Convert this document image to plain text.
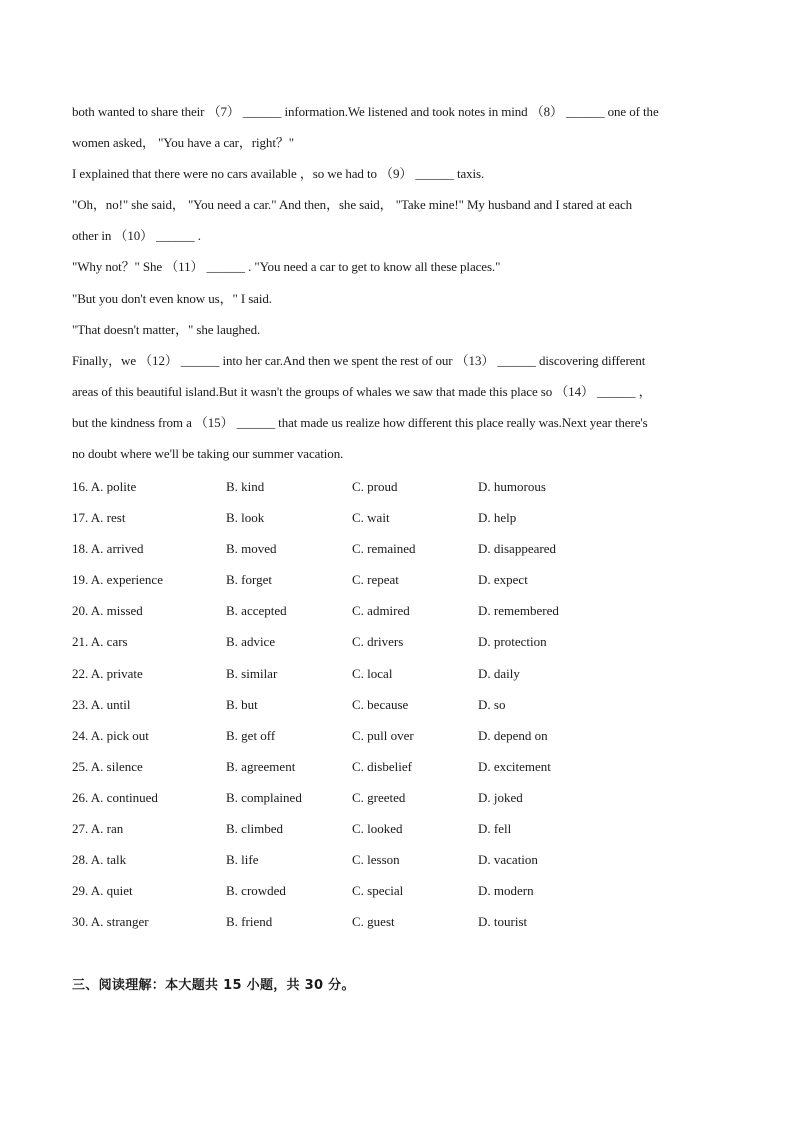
both wanted to share their （7） ______ information.We listened and took notes in mind （8） ______ one of the
women asked， "You have a car，right？"
I explained that there were no cars available ，so we had to （9） ______ taxis.
"Oh，no!" she said， "You need a car." And then，she said， "Take mine!" My husband and I stared at each
other in （10） ______ .
"Why not？" She （11） ______ . "You need a car to get to know all these places."
"But you don't even know us，" I said.
"That doesn't matter，" she laughed.
Finally，we （12） ______ into her car.And then we spent the rest of our （13） ______ discovering different
areas of this beautiful island.But it wasn't the groups of whales we saw that made this place so （14） ______ ，
but the kindness from a （15） ______ that made us realize how different this place really was.Next year there's
no doubt where we'll be taking our summer vacation.
16. A. polite	B. kind	C. proud	D. humorous
17. A. rest	B. look	C. wait	D. help
18. A. arrived	B. moved	C. remained	D. disappeared
19. A. experience	B. forget	C. repeat	D. expect
20. A. missed	B. accepted	C. admired	D. remembered
21. A. cars	B. advice	C. drivers	D. protection
22. A. private	B. similar	C. local	D. daily
23. A. until	B. but	C. because	D. so
24. A. pick out	B. get off	C. pull over	D. depend on
25. A. silence	B. agreement	C. disbelief	D. excitement
26. A. continued	B. complained	C. greeted	D. joked
27. A. ran	B. climbed	C. looked	D. fell
28. A. talk	B. life	C. lesson	D. vacation
29. A. quiet	B. crowded	C. special	D. modern
30. A. stranger	B. friend	C. guest	D. tourist
三、阅读理解：本大题共 15 小题，共 30 分。
